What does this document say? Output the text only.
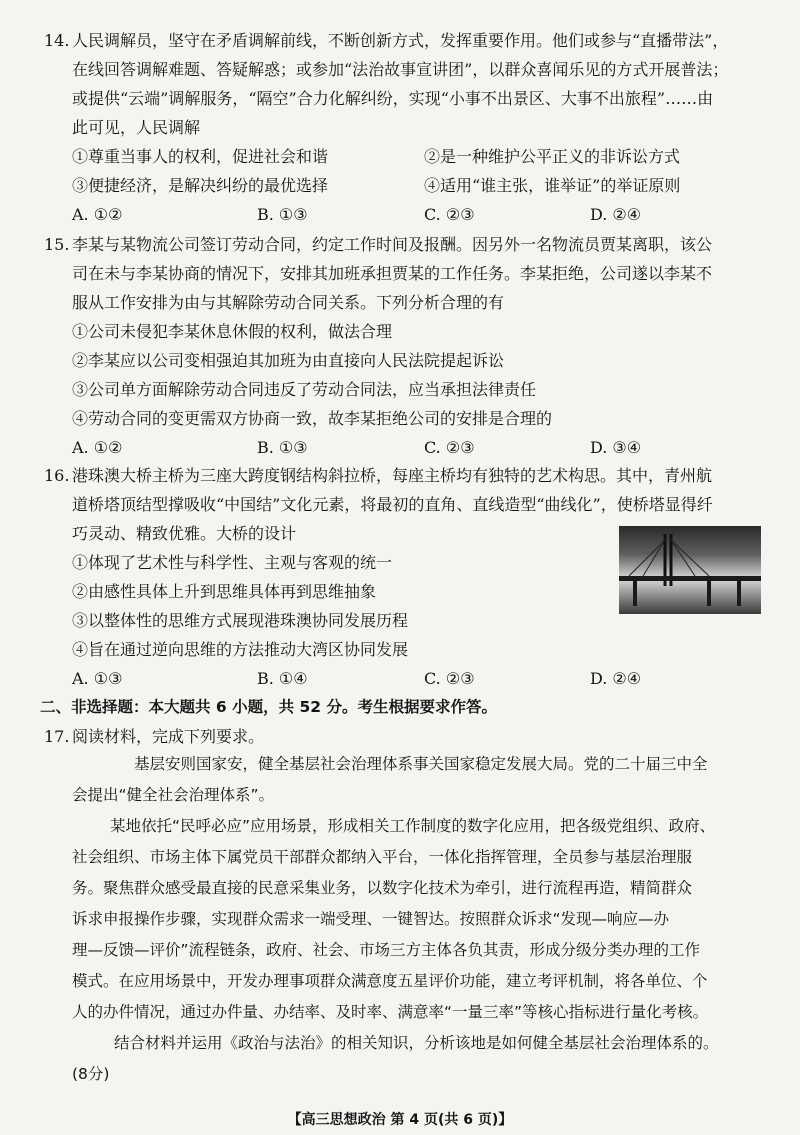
14. 人民调解员，坚守在矛盾调解前线，不断创新方式，发挥重要作用。他们或参与“直播带法”，
在线回答调解难题、答疑解惑；或参加“法治故事宣讲团”，以群众喜闻乐见的方式开展普法；
或提供“云端”调解服务，“隔空”合力化解纠纷，实现“小事不出景区、大事不出旅程”……由
此可见，人民调解
①尊重当事人的权利，促进社会和谐	②是一种维护公平正义的非诉讼方式
③便捷经济，是解决纠纷的最优选择	④适用“谁主张，谁举证”的举证原则
A. ①②	B. ①③	C. ②③	D. ②④
15. 李某与某物流公司签订劳动合同，约定工作时间及报酬。因另外一名物流员贾某离职，该公
司在未与李某协商的情况下，安排其加班承担贾某的工作任务。李某拒绝，公司遂以李某不
服从工作安排为由与其解除劳动合同关系。下列分析合理的有
①公司未侵犯李某休息休假的权利，做法合理
②李某应以公司变相强迫其加班为由直接向人民法院提起诉讼
③公司单方面解除劳动合同违反了劳动合同法，应当承担法律责任
④劳动合同的变更需双方协商一致，故李某拒绝公司的安排是合理的
A. ①②	B. ①③	C. ②③	D. ③④
16. 港珠澳大桥主桥为三座大跨度钢结构斜拉桥，每座主桥均有独特的艺术构思。其中，青州航
道桥塔顶结型撑吸收“中国结”文化元素，将最初的直角、直线造型“曲线化”，使桥塔显得纤
巧灵动、精致优雅。大桥的设计
①体现了艺术性与科学性、主观与客观的统一
②由感性具体上升到思维具体再到思维抽象
③以整体性的思维方式展现港珠澳协同发展历程
④旨在通过逆向思维的方法推动大湾区协同发展
A. ①③	B. ①④	C. ②③	D. ②④
二、非选择题：本大题共 6 小题，共 52 分。考生根据要求作答。
17. 阅读材料，完成下列要求。
基层安则国家安，健全基层社会治理体系事关国家稳定发展大局。党的二十届三中全
会提出“健全社会治理体系”。
某地依托“民呼必应”应用场景，形成相关工作制度的数字化应用，把各级党组织、政府、
社会组织、市场主体下属党员干部群众都纳入平台，一体化指挥管理，全员参与基层治理服
务。聚焦群众感受最直接的民意采集业务，以数字化技术为牵引，进行流程再造，精简群众
诉求申报操作步骤，实现群众需求一端受理、一键智达。按照群众诉求“发现—响应—办
理—反馈—评价”流程链条，政府、社会、市场三方主体各负其责，形成分级分类办理的工作
模式。在应用场景中，开发办理事项群众满意度五星评价功能，建立考评机制，将各单位、个
人的办件情况，通过办件量、办结率、及时率、满意率“一量三率”等核心指标进行量化考核。
结合材料并运用《政治与法治》的相关知识，分析该地是如何健全基层社会治理体系的。
(8分)
【高三思想政治 第 4 页(共 6 页)】
